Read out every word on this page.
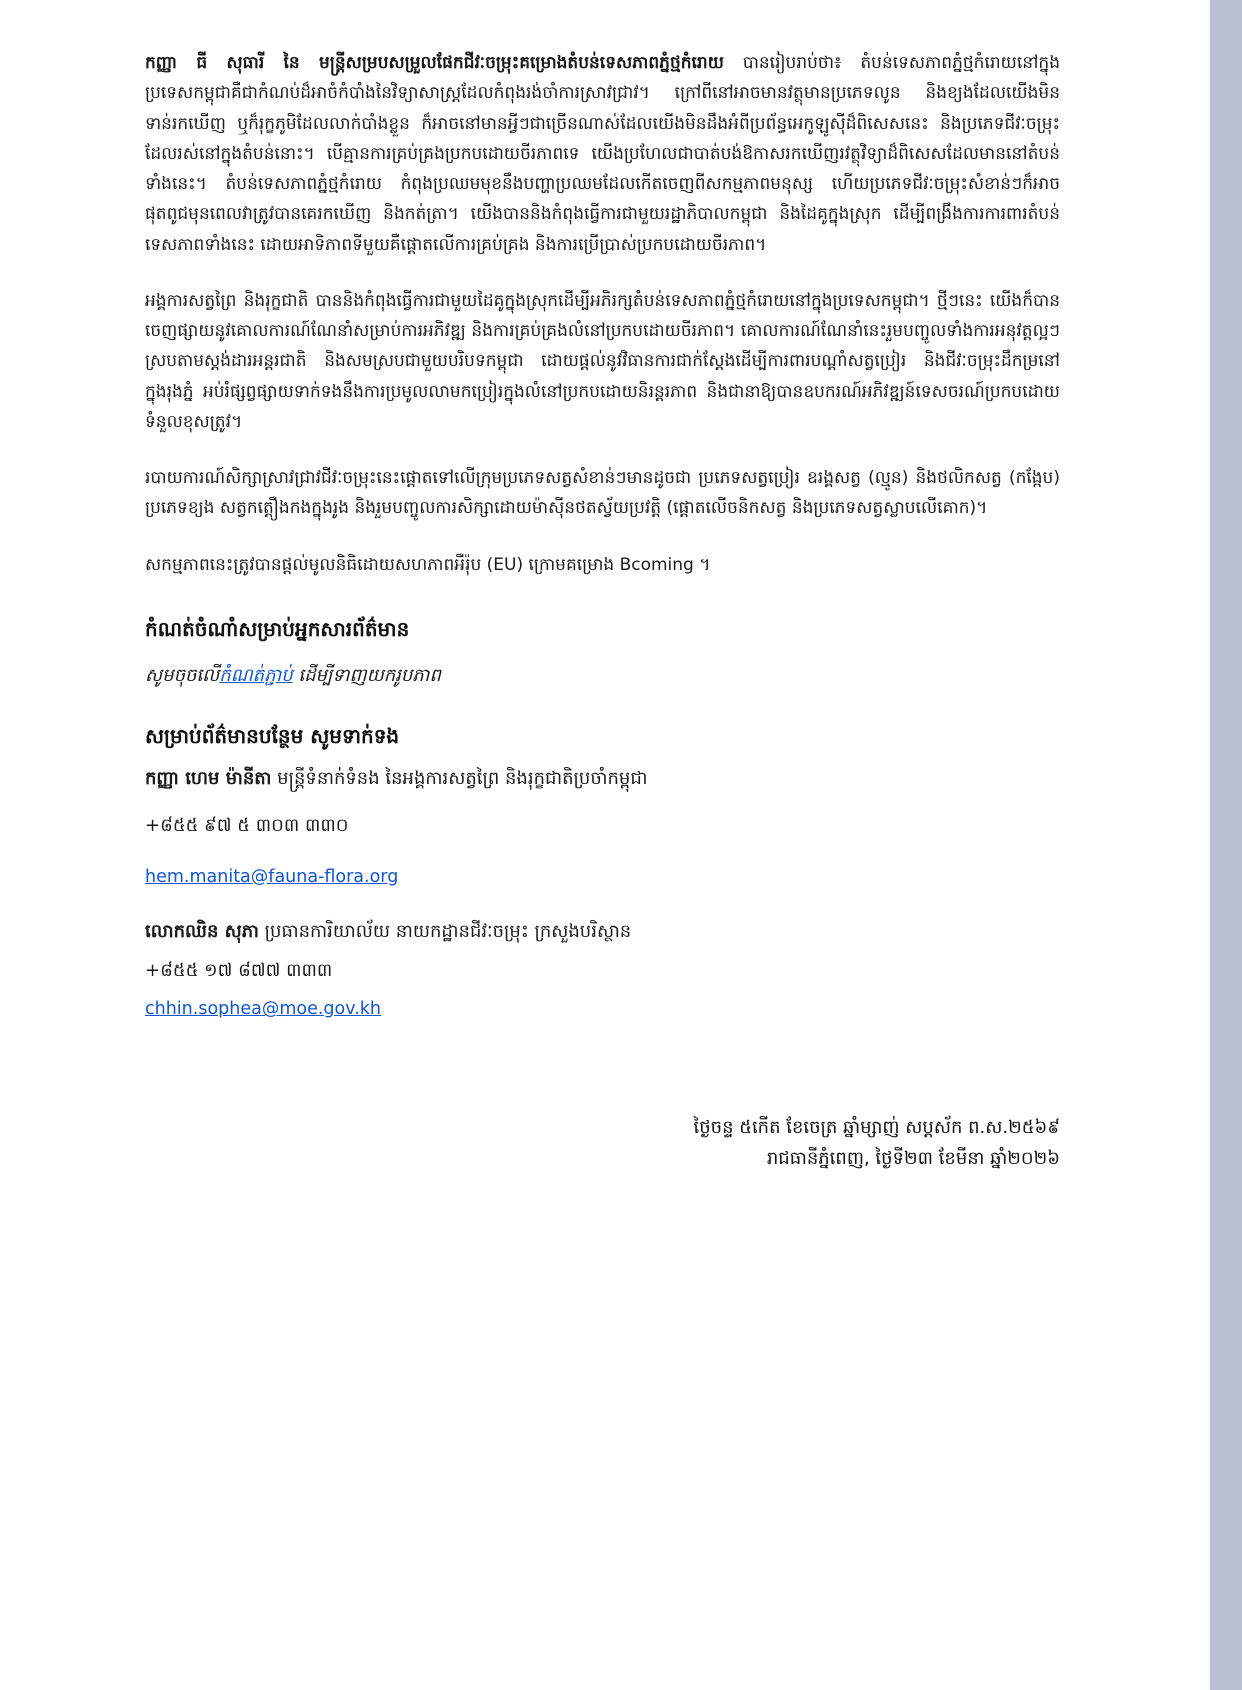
កញ្ញា ធី សុធារី នៃ មន្ត្រីសម្របសម្រួលផែកជីវៈចម្រុះគម្រោងតំបន់ទេសភាពភ្នំថ្មកំរោយ បានរៀបរាប់ថា៖ តំបន់ទេសភាពភ្នំថ្មកំរោយនៅក្នុងប្រទេសកម្ពុជាគឺជាកំណប់ដ៏អាចំកំបាំងនៃវិទ្យាសាស្ត្រដែលកំពុងរង់ចាំការស្រាវជ្រាវ។ ក្រៅពីនៅអាចមានវត្ថុមានប្រភេទលូន និងខ្យងដែលយើងមិនទាន់រកឃើញ ឬក៏រុក្ខភូមិដែលលាក់បាំងខ្លួន ក៏អាចនៅមានអ្វីៗជាច្រើនណាស់ដែលយើងមិនដឹងអំពីប្រព័ន្ធអេកូឡូស៊ីដ៏ពិសេសនេះ និងប្រភេទជីវៈចម្រុះដែលរស់នៅក្នុងតំបន់នោះ។ បើគ្មានការគ្រប់គ្រងប្រកបដោយចីរភាពទេ យើងប្រហែលជាបាត់បង់ឱកាសរកឃើញរវត្ថុវិទ្យាដ៏ពិសេសដែលមាននៅតំបន់ទាំងនេះ។ តំបន់ទេសភាពភ្នំថ្មកំរោយ កំពុងប្រឈមមុខនឹងបញ្ហាប្រឈមដែលកើតចេញពីសកម្មភាពមនុស្ស ហើយប្រភេទជីវៈចម្រុះសំខាន់ៗក៏អាចផុតពូជមុនពេលវាត្រូវបានគេរកឃើញ និងកត់ត្រា។ យើងបាននិងកំពុងធ្វើការជាមួយរដ្ឋាភិបាលកម្ពុជា និងដៃគូក្នុងស្រុក ដើម្បីពង្រឹងការការពារតំបន់ទេសភាពទាំងនេះ ដោយអាទិភាពទីមួយគឺផ្ដោតលើការគ្រប់គ្រង និងការប្រើប្រាស់ប្រកបដោយចីរភាព។

អង្គការសត្វព្រៃ និងរុក្ខជាតិ បាននិងកំពុងធ្វើការជាមួយដៃគូក្នុងស្រុកដើម្បីអភិរក្សតំបន់ទេសភាពភ្នំថ្មកំរោយនៅក្នុងប្រទេសកម្ពុជា។ ថ្មីៗនេះ យើងក៏បានចេញផ្សាយនូវគោលការណ៍ណែនាំសម្រាប់ការអភិវឌ្ឍ និងការគ្រប់គ្រងលំនៅប្រកបដោយចីរភាព។ គោលការណ៍ណែនាំនេះរួមបញ្ចូលទាំងការអនុវត្តល្អៗស្របតាមស្តង់ដារអន្តរជាតិ និងសមស្របជាមួយបរិបទកម្ពុជា ដោយផ្ដល់នូវវិធានការជាក់ស្ដែងដើម្បីការពារបណ្ដាំសត្វប្រៀរ និងជីវៈចម្រុះដឹកម្រនៅក្នុងរុងភ្នំ អប់រំផ្សព្វផ្សាយទាក់ទងនឹងការប្រមូលលាមកប្រៀរក្នុងលំនៅប្រកបដោយនិរន្តរភាព និងជានាឱ្យបានឧបករណ៍អភិវឌ្ឍន៍ទេសចរណ៍ប្រកបដោយទំនួលខុសត្រូវ។

របាយការណ៍សិក្សាស្រាវជ្រាវជីវៈចម្រុះនេះផ្ដោតទៅលើក្រុមប្រភេទសត្វសំខាន់ៗមានដូចជា ប្រភេទសត្វប្រៀរ ឧរង្គសត្វ (ល្មូន) និងថលិកសត្វ (កង្កែប) ប្រភេទខ្យង សត្វកត្តឿងកងក្នុងរូង និងរួមបញ្ចូលការសិក្សាដោយម៉ាស៊ីនថតស្វ័យប្រវត្តិ (ផ្ដោតលើចនិកសត្វ និងប្រភេទសត្វស្លាបលើគោក)។

សកម្មភាពនេះត្រូវបានផ្ដល់មូលនិធិដោយសហភាពអឺរ៉ុប (EU) ក្រោមគម្រោង Bcoming ។

កំណត់ចំណាំសម្រាប់អ្នកសារព័ត៌មាន

សូមចុចលើកំណត់ភ្ជាប់ ដើម្បីទាញយករូបភាព

សម្រាប់ព័ត៌មានបន្ថែម សូមទាក់ទង

កញ្ញា ហេម ម៉ានីតា មន្ត្រីទំនាក់ទំនង នៃអង្គការសត្វព្រៃ និងរុក្ខជាតិប្រចាំកម្ពុជា

+៨៥៥ ៩៧ ៥ ៣០៣ ៣៣០

hem.manita@fauna-flora.org

លោកឈិន សុភា ប្រធានការិយាល័យ នាយកដ្ឋានជីវៈចម្រុះ ក្រសួងបរិស្ថាន

+៨៥៥ ១៧ ៨៧៧ ៣៣៣

chhin.sophea@moe.gov.kh

ថ្ងៃចន្ទ ៥កើត ខែចេត្រ ឆ្នាំម្សាញ់ សប្តស័ក ព.ស.២៥៦៩
រាជធានីភ្នំពេញ, ថ្ងៃទី២៣ ខែមីនា ឆ្នាំ២០២៦
